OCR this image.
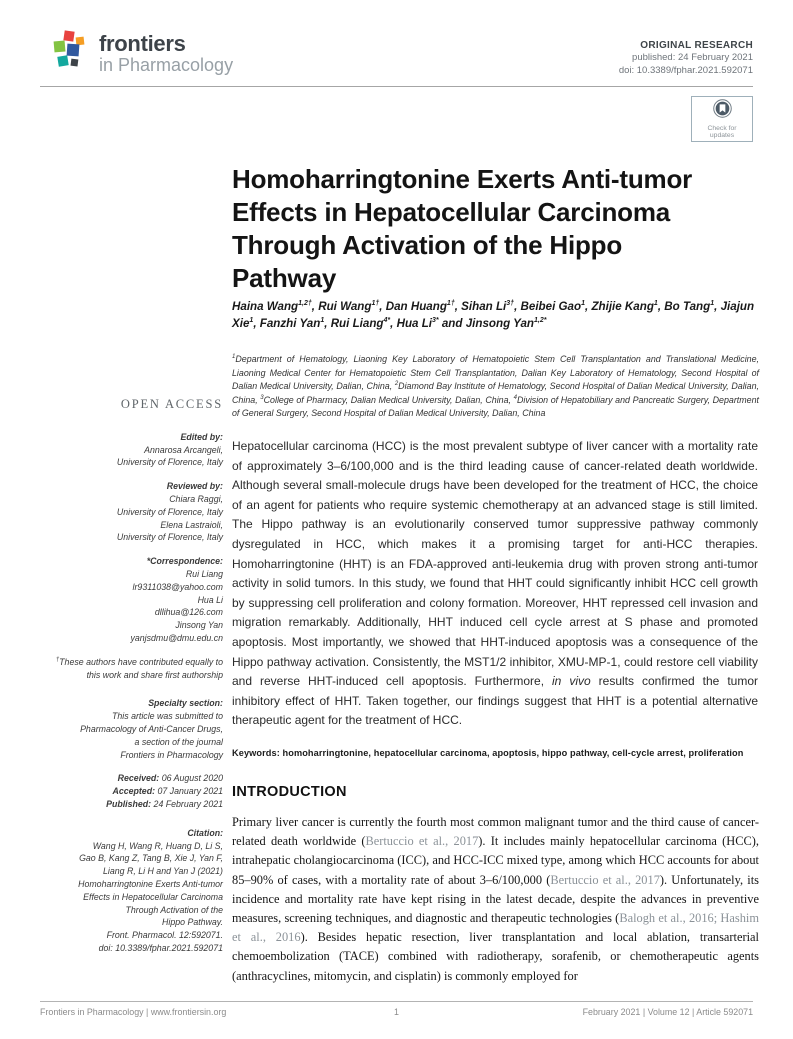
frontiers
in Pharmacology
ORIGINAL RESEARCH
published: 24 February 2021
doi: 10.3389/fphar.2021.592071
Check for
updates
Homoharringtonine Exerts Anti-tumor
Effects in Hepatocellular Carcinoma
Through Activation of the Hippo
Pathway
Haina Wang$^{1,2\dagger}$, Rui Wang$^{1\dagger}$, Dan Huang$^{1\dagger}$, Sihan $Li^{3\dagger}$, Beibei Gao$^1$, Zhijie Kang$^1$, Bo Tang$^1$, Jiajun Xie$^1$, Fanzhi Yan$^1$, Rui Liang$^{4*}$, Hua $Li^{3*}$ and Jinsong Yan$^{1,2*}$
$^1$Department of Hematology, Liaoning Key Laboratory of Hematopoietic Stem Cell Transplantation and Translational Medicine, Liaoning Medical Center for Hematopoietic Stem Cell Transplantation, Dalian Key Laboratory of Hematology, Second Hospital of Dalian Medical University, Dalian, China, $^2$Diamond Bay Institute of Hematology, Second Hospital of Dalian Medical University, Dalian, China, $^3$College of Pharmacy, Dalian Medical University, Dalian, China, $^4$Division of Hepatobiliary and Pancreatic Surgery, Department of General Surgery, Second Hospital of Dalian Medical University, Dalian, China
OPEN ACCESS
Edited by:
Annarosa Arcangeli,
University of Florence, Italy
Reviewed by:
Chiara Raggi,
University of Florence, Italy
Elena Lastraioli,
University of Florence, Italy
*Correspondence:
Rui Liang
lr9311038@yahoo.com
Hua Li
dllihua@126.com
Jinsong Yan
yanjsdmu@dmu.edu.cn
†These authors have contributed equally to this work and share first authorship
Specialty section:
This article was submitted to
Pharmacology of Anti-Cancer Drugs,
a section of the journal
Frontiers in Pharmacology
Received: 06 August 2020
Accepted: 07 January 2021
Published: 24 February 2021
Citation:
Wang H, Wang R, Huang D, Li S,
Gao B, Kang Z, Tang B, Xie J, Yan F,
Liang R, Li H and Yan J (2021)
Homoharringtonine Exerts Anti-tumor
Effects in Hepatocellular Carcinoma
Through Activation of the
Hippo Pathway.
Front. Pharmacol. 12:592071.
doi: 10.3389/fphar.2021.592071
Hepatocellular carcinoma (HCC) is the most prevalent subtype of liver cancer with a mortality rate of approximately 3–6/100,000 and is the third leading cause of cancer-related death worldwide. Although several small-molecule drugs have been developed for the treatment of HCC, the choice of an agent for patients who require systemic chemotherapy at an advanced stage is still limited. The Hippo pathway is an evolutionarily conserved tumor suppressive pathway commonly dysregulated in HCC, which makes it a promising target for anti-HCC therapies. Homoharringtonine (HHT) is an FDA-approved anti-leukemia drug with proven strong anti-tumor activity in solid tumors. In this study, we found that HHT could significantly inhibit HCC cell growth by suppressing cell proliferation and colony formation. Moreover, HHT repressed cell invasion and migration remarkably. Additionally, HHT induced cell cycle arrest at S phase and promoted apoptosis. Most importantly, we showed that HHT-induced apoptosis was a consequence of the Hippo pathway activation. Consistently, the MST1/2 inhibitor, XMU-MP-1, could restore cell viability and reverse HHT-induced cell apoptosis. Furthermore, in vivo results confirmed the tumor inhibitory effect of HHT. Taken together, our findings suggest that HHT is a potential alternative therapeutic agent for the treatment of HCC.
Keywords: homoharringtonine, hepatocellular carcinoma, apoptosis, hippo pathway, cell-cycle arrest, proliferation
INTRODUCTION
Primary liver cancer is currently the fourth most common malignant tumor and the third cause of cancer-related death worldwide (Bertuccio et al., 2017). It includes mainly hepatocellular carcinoma (HCC), intrahepatic cholangiocarcinoma (ICC), and HCC-ICC mixed type, among which HCC accounts for about 85–90% of cases, with a mortality rate of about 3–6/100,000 (Bertuccio et al., 2017). Unfortunately, its incidence and mortality rate have kept rising in the latest decade, despite the advances in preventive measures, screening techniques, and diagnostic and therapeutic technologies (Balogh et al., 2016; Hashim et al., 2016). Besides hepatic resection, liver transplantation and local ablation, transarterial chemoembolization (TACE) combined with radiotherapy, sorafenib, or chemotherapeutic agents (anthracyclines, mitomycin, and cisplatin) is commonly employed for
Frontiers in Pharmacology | www.frontiersin.org	1	February 2021 | Volume 12 | Article 592071
